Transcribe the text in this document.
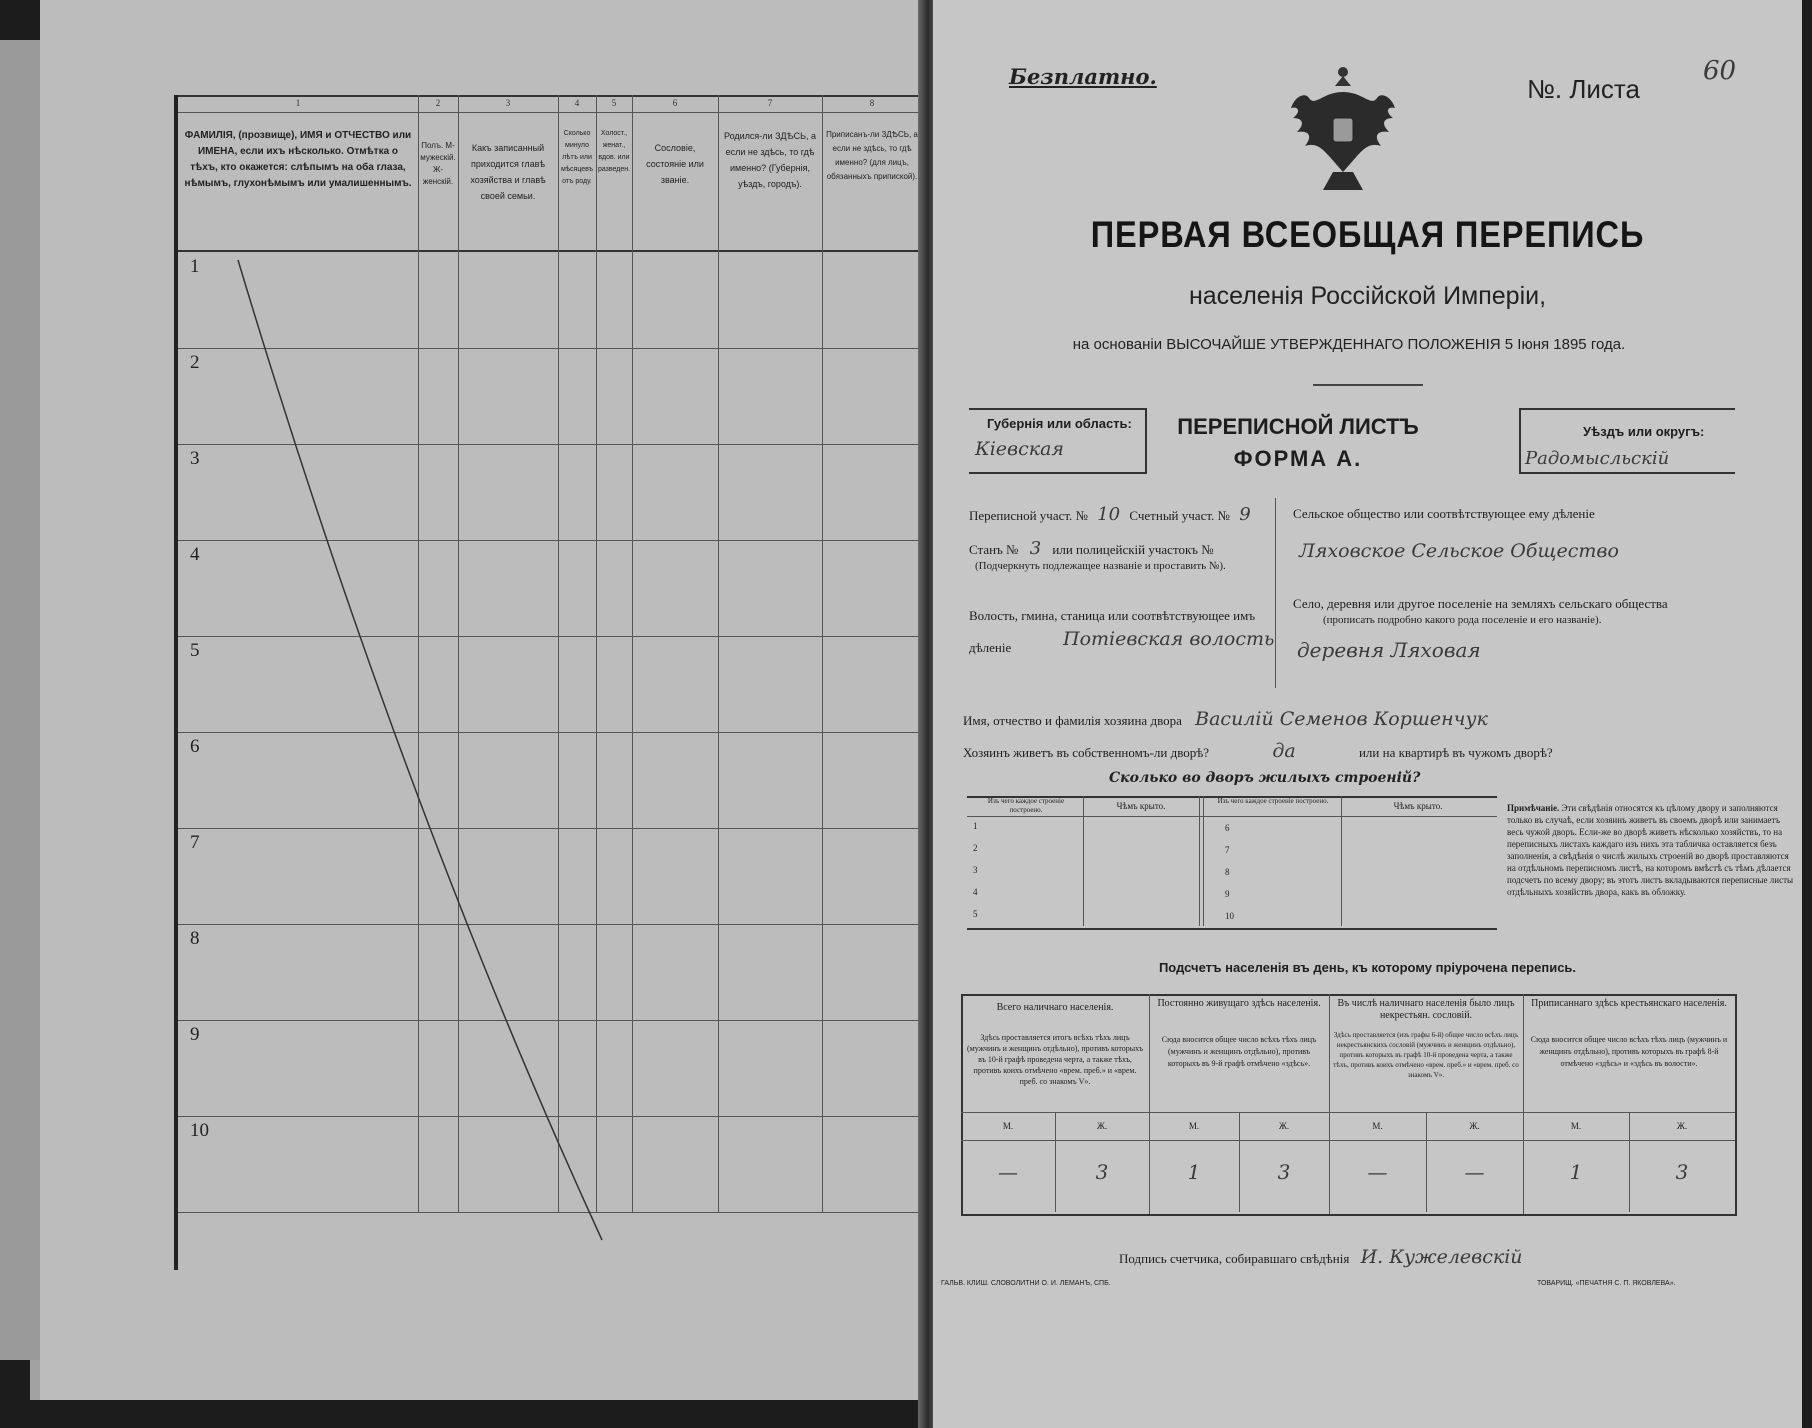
1	2	3	4	5	6	7	8
ФАМИЛІЯ, (прозвище), ИМЯ и ОТЧЕСТВО или ИМЕНА, если ихъ нѣсколько. Отмѣтка о тѣхъ, кто окажется: слѣпымъ на оба глаза, нѣмымъ, глухонѣмымъ или умалишеннымъ.
Полъ. М-мужескій. Ж-женскій.
Какъ записанный приходится главѣ хозяйства и главѣ своей семьи.
Сколько минуло лѣтъ или мѣсяцевъ отъ роду.
Холост., женат., вдов. или разведен.
Сословіе, состояніе или званіе.
Родился-ли ЗДѢСЬ, а если не здѣсь, то гдѣ именно? (Губернія, уѣздъ, городъ).
Приписанъ-ли ЗДѢСЬ, а если не здѣсь, то гдѣ именно? (для лицъ, обязанныхъ припиской).
1
2
3
4
5
6
7
8
9
10
Безплатно.	№. Листа
60
ПЕРВАЯ ВСЕОБЩАЯ ПЕРЕПИСЬ
населенія Россійской Имперіи,
на основаніи ВЫСОЧАЙШЕ УТВЕРЖДЕННАГО ПОЛОЖЕНІЯ 5 Іюня 1895 года.
Губернія или область:
Кіевская
ПЕРЕПИСНОЙ ЛИСТЪ
ФОРМА А.
Уѣздъ или округъ:
Радомысльскій
Переписной участ. № 10 Счетный участ. № 9
Станъ № 3 или полицейскій участокъ №
(Подчеркнуть подлежащее названіе и проставить №).
Волость, гмина, станица или соотвѣтствующее имъ дѣленіе	Потіевская волость
Сельское общество или соотвѣтствующее ему дѣленіе
Ляховское Сельское Общество
Село, деревня или другое поселеніе на земляхъ сельскаго общества
(прописать подробно какого рода поселеніе и его названіе).
деревня Ляховая
Имя, отчество и фамилія хозяина двора Василій Семенов Коршенчук
Хозяинъ живетъ въ собственномъ-ли дворѣ?	да	или на квартирѣ въ чужомъ дворѣ?
Сколько во дворъ жилыхъ строеній?
Изъ чего каждое строеніе построено.	Чѣмъ крыто.	Изъ чего каждое строеніе построено.	Чѣмъ крыто.
1
2
3
4
5
6
7
8
9
10
Примѣчаніе. Эти свѣдѣнія относятся къ цѣлому двору и заполняются только въ случаѣ, если хозяинъ живетъ въ своемъ дворѣ или занимаетъ весь чужой дворъ. Если-же во дворѣ живетъ нѣсколько хозяйствъ, то на переписныхъ листахъ каждаго изъ нихъ эта табличка оставляется безъ заполненія, а свѣдѣнія о числѣ жилыхъ строеній во дворѣ проставляются на отдѣльномъ переписномъ листѣ, на которомъ вмѣстѣ съ тѣмъ дѣлается подсчетъ по всему двору; въ этотъ листъ вкладываются переписные листы отдѣльныхъ хозяйствъ двора, какъ въ обложку.
Подсчетъ населенія въ день, къ которому пріурочена перепись.
Всего наличнаго населенія.
Здѣсь проставляется итогъ всѣхъ тѣхъ лицъ (мужчинъ и женщинъ отдѣльно), противъ которыхъ въ 10-й графѣ проведена черта, а также тѣхъ, противъ коихъ отмѣчено «врем. преб.» и «врем. преб. со знакомъ V».
Постоянно живущаго здѣсь населенія.
Сюда вносится общее число всѣхъ тѣхъ лицъ (мужчинъ и женщинъ отдѣльно), противъ которыхъ въ 9-й графѣ отмѣчено «здѣсь».
Въ числѣ наличнаго населенія было лицъ некрестьян. сословій.
Здѣсь проставляется (изъ графы 6-й) общее число всѣхъ лицъ некрестьянскихъ сословій (мужчинъ и женщинъ отдѣльно), противъ которыхъ въ графѣ 10-й проведена черта, а также тѣхъ, противъ коихъ отмѣчено «врем. преб.» и «врем. преб. со знакомъ V».
Приписаннаго здѣсь крестьянскаго населенія.
Сюда вносится общее число всѣхъ тѣхъ лицъ (мужчинъ и женщинъ отдѣльно), противъ которыхъ въ графѣ 8-й отмѣчено «здѣсь» и «здѣсь въ волости».
М.	Ж.	М.	Ж.	М.	Ж.	М.	Ж.
—	3	1	3	—	—	1	3
Подпись счетчика, собиравшаго свѣдѣнія И. Кужелевскій
ГАЛЬВ. КЛИШ. СЛОВОЛИТНИ О. И. ЛЕМАНЪ, СПБ.	ТОВАРИЩ. «ПЕЧАТНЯ С. П. ЯКОВЛЕВА».
